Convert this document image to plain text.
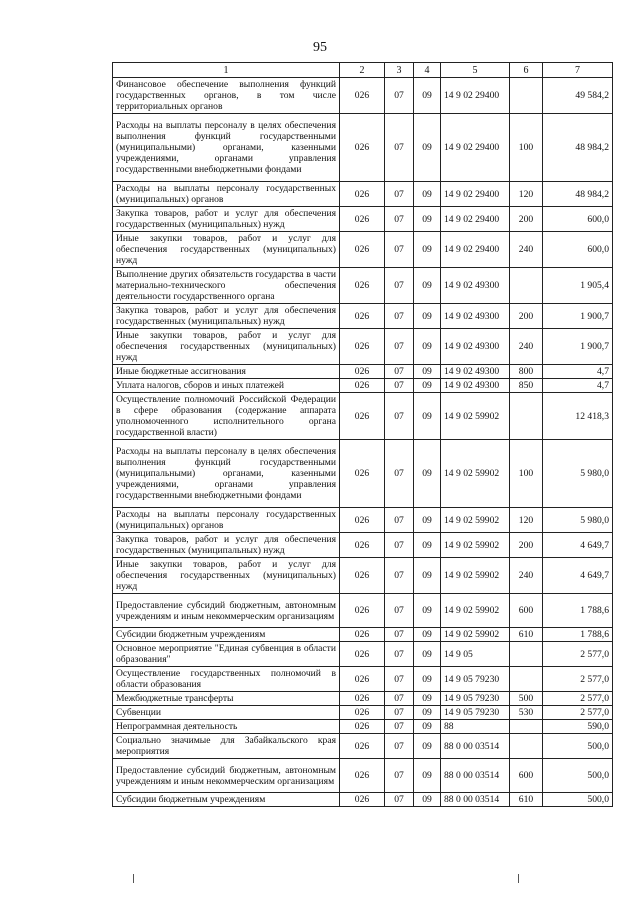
95
1	2	3	4	5	6	7
Финансовое обеспечение выполнения функций государственных органов, в том числе территориальных органов	026	07	09	14 9 02 29400		49 584,2
Расходы на выплаты персоналу в целях обеспечения выполнения функций государственными (муниципальными) органами, казенными учреждениями, органами управления государственными внебюджетными фондами	026	07	09	14 9 02 29400	100	48 984,2
Расходы на выплаты персоналу государственных (муниципальных) органов	026	07	09	14 9 02 29400	120	48 984,2
Закупка товаров, работ и услуг для обеспечения государственных (муниципальных) нужд	026	07	09	14 9 02 29400	200	600,0
Иные закупки товаров, работ и услуг для обеспечения государственных (муниципальных) нужд	026	07	09	14 9 02 29400	240	600,0
Выполнение других обязательств государства в части материально-технического обеспечения деятельности государственного органа	026	07	09	14 9 02 49300		1 905,4
Закупка товаров, работ и услуг для обеспечения государственных (муниципальных) нужд	026	07	09	14 9 02 49300	200	1 900,7
Иные закупки товаров, работ и услуг для обеспечения государственных (муниципальных) нужд	026	07	09	14 9 02 49300	240	1 900,7
Иные бюджетные ассигнования	026	07	09	14 9 02 49300	800	4,7
Уплата налогов, сборов и иных платежей	026	07	09	14 9 02 49300	850	4,7
Осуществление полномочий Российской Федерации в сфере образования (содержание аппарата уполномоченного исполнительного органа государственной власти)	026	07	09	14 9 02 59902		12 418,3
Расходы на выплаты персоналу в целях обеспечения выполнения функций государственными (муниципальными) органами, казенными учреждениями, органами управления государственными внебюджетными фондами	026	07	09	14 9 02 59902	100	5 980,0
Расходы на выплаты персоналу государственных (муниципальных) органов	026	07	09	14 9 02 59902	120	5 980,0
Закупка товаров, работ и услуг для обеспечения государственных (муниципальных) нужд	026	07	09	14 9 02 59902	200	4 649,7
Иные закупки товаров, работ и услуг для обеспечения государственных (муниципальных) нужд	026	07	09	14 9 02 59902	240	4 649,7
Предоставление субсидий бюджетным, автономным учреждениям и иным некоммерческим организациям	026	07	09	14 9 02 59902	600	1 788,6
Субсидии бюджетным учреждениям	026	07	09	14 9 02 59902	610	1 788,6
Основное мероприятие "Единая субвенция в области образования"	026	07	09	14 9 05		2 577,0
Осуществление государственных полномочий в области образования	026	07	09	14 9 05 79230		2 577,0
Межбюджетные трансферты	026	07	09	14 9 05 79230	500	2 577,0
Субвенции	026	07	09	14 9 05 79230	530	2 577,0
Непрограммная деятельность	026	07	09	88		590,0
Социально значимые для Забайкальского края мероприятия	026	07	09	88 0 00 03514		500,0
Предоставление субсидий бюджетным, автономным учреждениям и иным некоммерческим организациям	026	07	09	88 0 00 03514	600	500,0
Субсидии бюджетным учреждениям	026	07	09	88 0 00 03514	610	500,0
